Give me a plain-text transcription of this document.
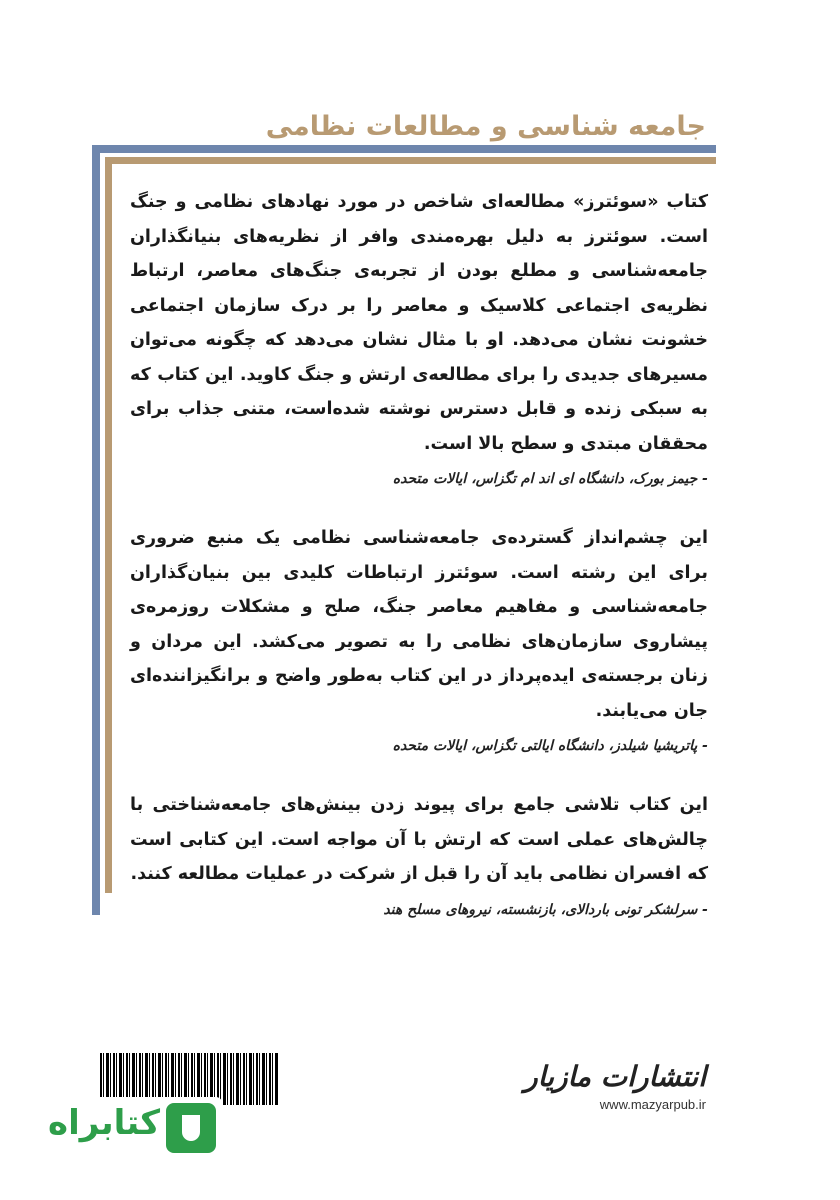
جامعه شناسی و مطالعات نظامی

کتاب «سوئترز» مطالعه‌ای شاخص در مورد نهادهای نظامی و جنگ است. سوئترز به دلیل بهره‌مندی وافر از نظریه‌های بنیانگذاران جامعه‌شناسی و مطلع بودن از تجربه‌ی جنگ‌های معاصر، ارتباط نظریه‌ی اجتماعی کلاسیک و معاصر را بر درک سازمان اجتماعی خشونت نشان می‌دهد. او با مثال نشان می‌دهد که چگونه می‌توان مسیرهای جدیدی را برای مطالعه‌ی ارتش و جنگ کاوید. این کتاب که به سبکی زنده و قابل دسترس نوشته شده‌است، متنی جذاب برای محققان مبتدی و سطح بالا است.

- جیمز بورک، دانشگاه ای اند ام تگزاس، ایالات متحده

این چشم‌انداز گسترده‌ی جامعه‌شناسی نظامی یک منبع ضروری برای این رشته است. سوئترز ارتباطات کلیدی بین بنیان‌گذاران جامعه‌شناسی و مفاهیم معاصر جنگ، صلح و مشکلات روزمره‌ی پیشاروی سازمان‌های نظامی را به تصویر می‌کشد. این مردان و زنان برجسته‌ی ایده‌پرداز در این کتاب به‌طور واضح و برانگیزاننده‌ای جان می‌یابند.

- پاتریشیا شیلدز، دانشگاه ایالتی تگزاس، ایالات متحده

این کتاب تلاشی جامع برای پیوند زدن بینش‌های جامعه‌شناختی با چالش‌های عملی است که ارتش با آن مواجه است. این کتابی است که افسران نظامی باید آن را قبل از شرکت در عملیات مطالعه کنند.

- سرلشکر تونی باردالای، بازنشسته، نیروهای مسلح هند

انتشارات مازیار
www.mazyarpub.ir
کتابراه
